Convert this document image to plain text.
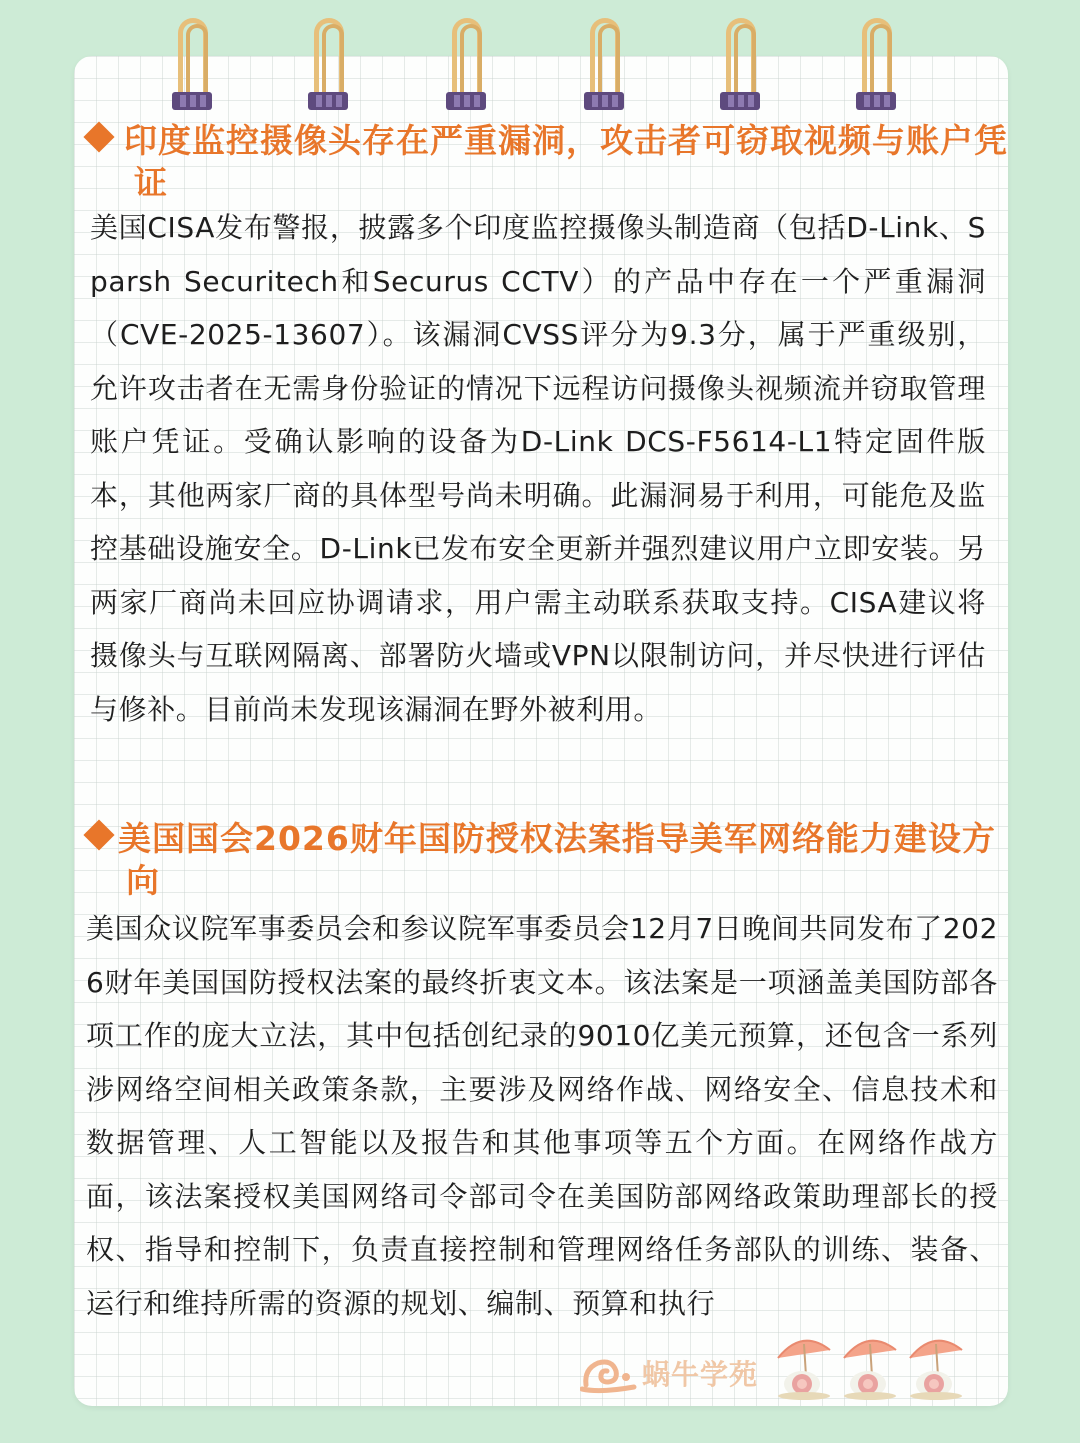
印度监控摄像头存在严重漏洞，攻击者可窃取视频与账户凭证

美国CISA发布警报，披露多个印度监控摄像头制造商（包括D-Link、Sparsh Securitech和Securus CCTV）的产品中存在一个严重漏洞（CVE-2025-13607）。该漏洞CVSS评分为9.3分，属于严重级别，允许攻击者在无需身份验证的情况下远程访问摄像头视频流并窃取管理账户凭证。受确认影响的设备为D-Link DCS-F5614-L1特定固件版本，其他两家厂商的具体型号尚未明确。此漏洞易于利用，可能危及监控基础设施安全。D-Link已发布安全更新并强烈建议用户立即安装。另两家厂商尚未回应协调请求，用户需主动联系获取支持。CISA建议将摄像头与互联网隔离、部署防火墙或VPN以限制访问，并尽快进行评估与修补。目前尚未发现该漏洞在野外被利用。

美国国会2026财年国防授权法案指导美军网络能力建设方向

美国众议院军事委员会和参议院军事委员会12月7日晚间共同发布了2026财年美国国防授权法案的最终折衷文本。该法案是一项涵盖美国防部各项工作的庞大立法，其中包括创纪录的9010亿美元预算，还包含一系列涉网络空间相关政策条款，主要涉及网络作战、网络安全、信息技术和数据管理、人工智能以及报告和其他事项等五个方面。在网络作战方面，该法案授权美国网络司令部司令在美国防部网络政策助理部长的授权、指导和控制下，负责直接控制和管理网络任务部队的训练、装备、运行和维持所需的资源的规划、编制、预算和执行

蜗牛学苑
